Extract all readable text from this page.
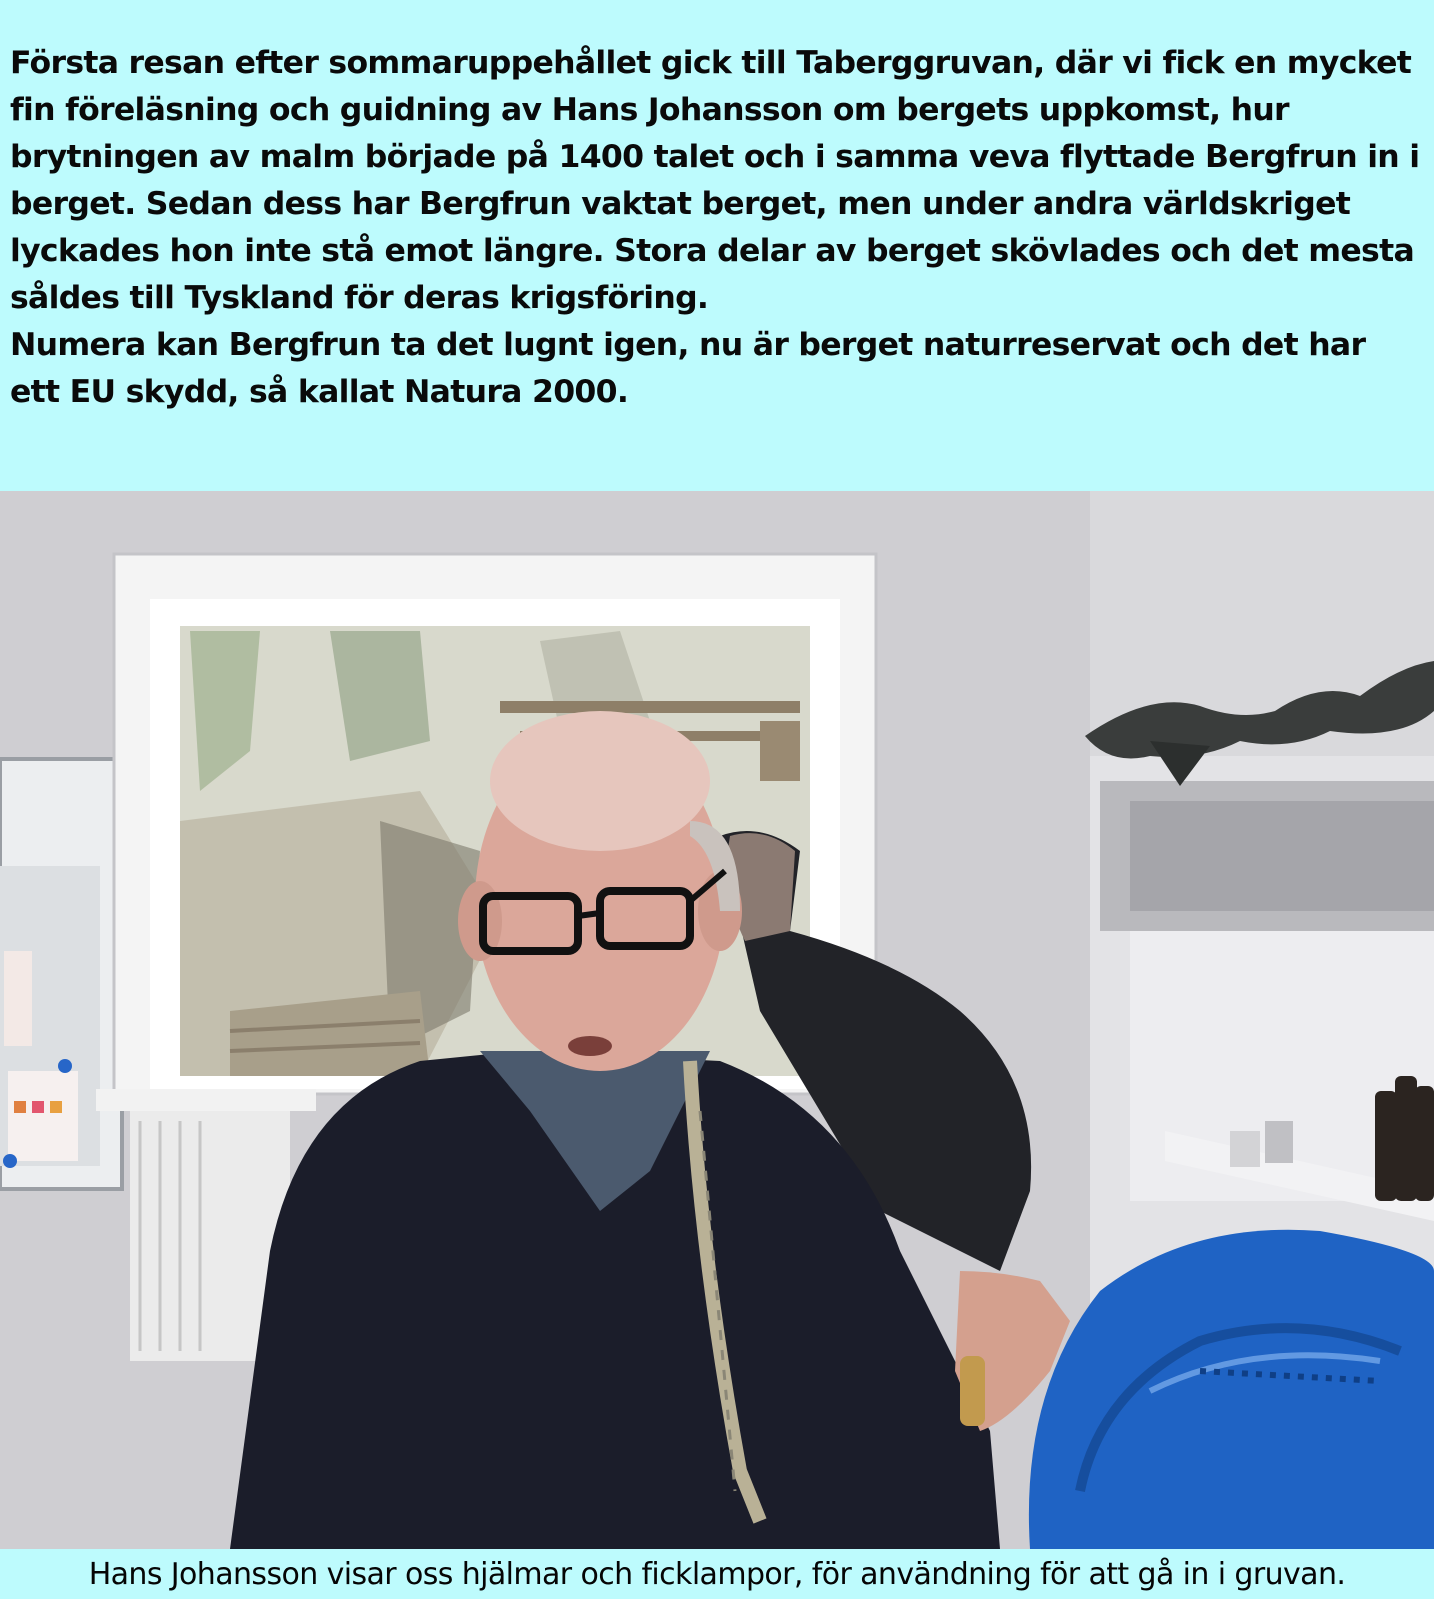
Första resan efter sommaruppehållet gick till Taberggruvan, där vi fick en mycket fin föreläsning och guidning av Hans Johansson om bergets uppkomst, hur brytningen av malm började på 1400 talet och i samma veva flyttade Bergfrun in i berget. Sedan dess har Bergfrun vaktat berget, men under andra världskriget lyckades hon inte stå emot längre. Stora delar av berget skövlades och det mesta såldes till Tyskland för deras krigsföring.

Numera kan Bergfrun ta det lugnt igen, nu är berget naturreservat och det har ett EU skydd, så kallat Natura 2000.

Hans Johansson visar oss hjälmar och ficklampor, för användning för att gå in i gruvan.
